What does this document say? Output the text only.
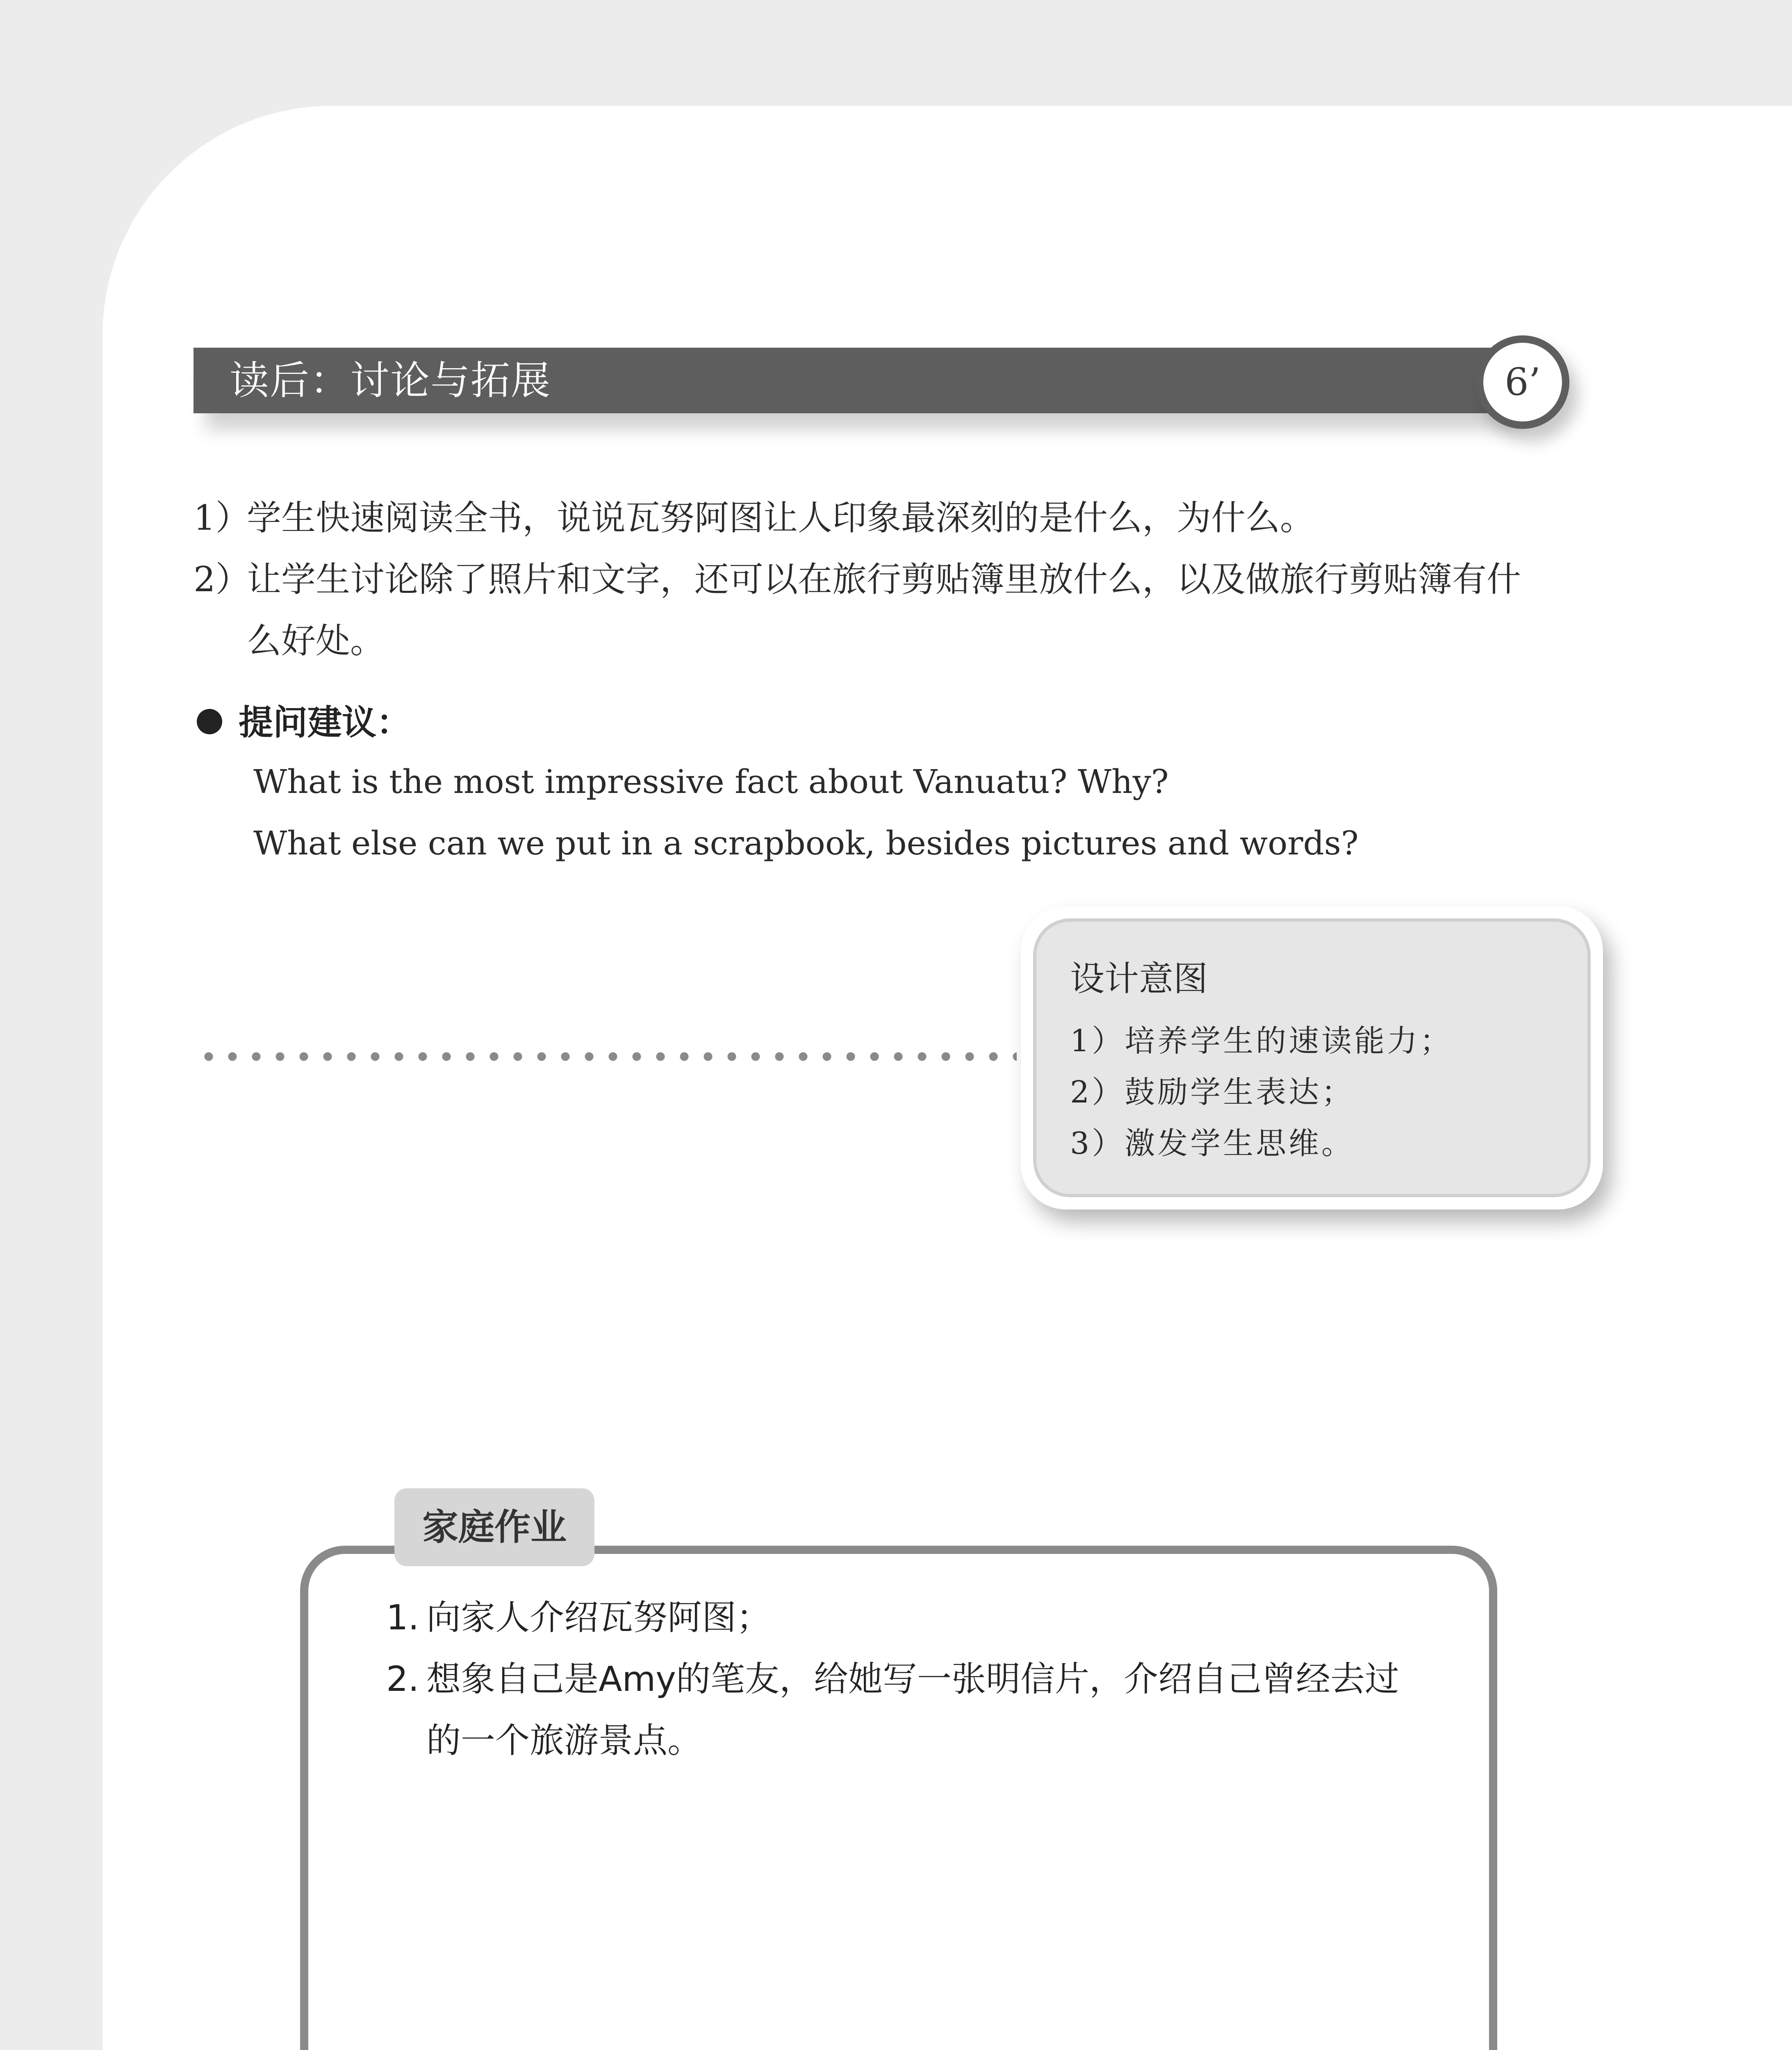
读后：讨论与拓展	6’
1）学生快速阅读全书，说说瓦努阿图让人印象最深刻的是什么，为什么。
2）让学生讨论除了照片和文字，还可以在旅行剪贴簿里放什么，以及做旅行剪贴簿有什
么好处。
提问建议：
What is the most impressive fact about Vanuatu? Why?
What else can we put in a scrapbook, besides pictures and words?
设计意图
1）培养学生的速读能力；
2）鼓励学生表达；
3）激发学生思维。
家庭作业
1. 向家人介绍瓦努阿图；
2. 想象自己是Amy的笔友，给她写一张明信片，介绍自己曾经去过
的一个旅游景点。
